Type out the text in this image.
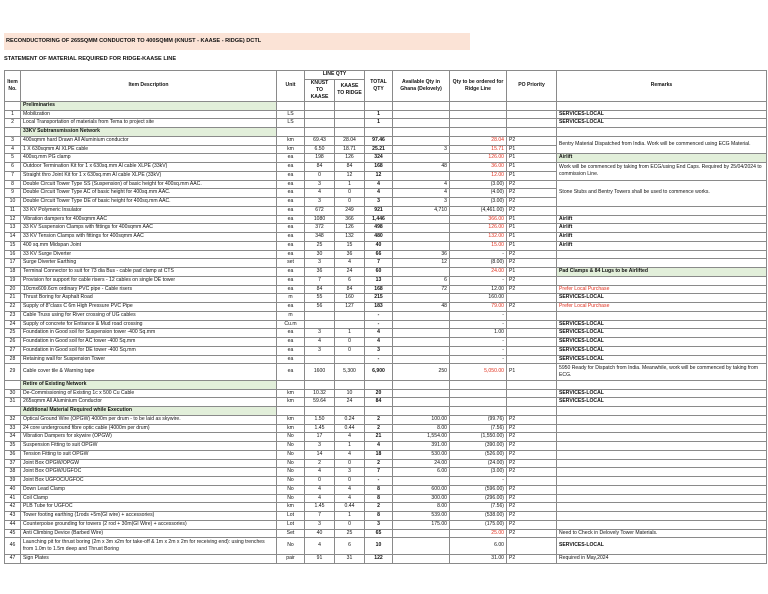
RECONDUCTORING OF 265SQMM CONDUCTOR TO 400SQMM (KNUST - KAASE - RIDGE) DCTL
STATEMENT OF MATERIAL REQUIRED FOR RIDGE-KAASE LINE
Item No.	Item Description	Unit	LINE QTY		TOTAL QTY	Available Qty in Ghana (Delovely)	Qty to be ordered for Ridge Line	PO Priority	Remarks
			KNUST TO KAASE	KAASE TO RIDGE					
	Preliminaries								
1	Mobilization	LS			1				SERVICES-LOCAL
2	Local Transportation of materials from Tema to project site	LS			1				SERVICES-LOCAL
	33KV Subtransmission Network								
3	400sqmm hard Drawn All Aluminium conductor	km	69.43	28.04	97.46		28.04	P2	Bentry Material Dispatched from India. Work will be commenced using ECG Material.
4	1 X 630sqmm Al XLPE cable	km	6.50	18.71	25.21	3	15.71	P1	
5	400sq.mm PG clamp	ea	198	126	324		126.00	P1	Airlift
6	Outdoor Termination Kit for 1 x 630sq.mm Al cable XLPE (33kV)	ea	84	84	168	48	36.00	P1	Work will be commenced by taking from ECG/using End Caps. Required by 25/04/2024 to commission Line.
7	Straight thro Joint Kit for 1 x 630sq.mm Al cable XLPE (33kV)	ea	0	12	12		12.00	P1	
8	Double Circuit Tower Type SS (Suspension) of basic height for 400sq.mm AAC.	ea	3	1	4	4	(3.00)	P2	Stone Stubs and Bentry Towers shall be used to commence works.
9	Double Circuit Tower Type AC of basic height for 400sq.mm AAC.	ea	4	0	4	4	(4.00)	P2	
10	Double Circuit Tower Type DE of basic height for 400sq.mm AAC.	ea	3	0	3	3	(3.00)	P2	
11	33 KV Polymeric Insulator	ea	672	249	921	4,710	(4,461.00)	P2	
12	Vibration dampers for 400sqmm AAC	ea	1080	366	1,446		366.00	P1	Airlift
13	33 KV Suspension Clamps with fittings for 400sqmm AAC	ea	372	126	498		126.00	P1	Airlift
14	33 KV Tension Clamps with fittings for 400sqmm AAC	ea	348	132	480		132.00	P1	Airlift
15	400 sq.mm Midspan Joint	ea	25	15	40		15.00	P1	Airlift
16	33 KV Surge Diverter	ea	30	36	66	36	-	P2	
17	Surge Diverter Earthing	set	3	4	7	12	(8.00)	P2	
18	Terminal Connector to suit for 73 dia Bus - cable pad clamp at CTS	ea	36	24	60		24.00	P1	Pad Clamps & 84 Lugs to be Airlifted
19	Provision for support for cable risers - 12 cables on single DE tower	ea	7	6	13	6	-	P2	
20	10cmx609.6cm ordinary PVC pipe - Cable risers	ea	84	84	168	72	12.00	P2	Prefer Local Purchase
21	Thrust Boring for Asphalt Road	m	55	160	215		160.00		SERVICES-LOCAL
22	Supply of 8"class C 6m High Pressure PVC Pipe	ea	56	127	183	48	79.00	P2	Prefer Local Purchase
23	Cable Truss using for River crossing of UG cables	m			-		-		
24	Supply of concrete for Entrance & Mud road crossing	Cu.m			-		-		SERVICES-LOCAL
25	Foundation in Good soil for Suspension tower -400 Sq.mm	ea	3	1	4		1.00		SERVICES-LOCAL
26	Foundation in Good soil for AC tower -400 Sq.mm	ea	4	0	4		-		SERVICES-LOCAL
27	Foundation in Good soil for DE tower -400 Sq.mm	ea	3	0	3		-		SERVICES-LOCAL
28	Retaining wall for Suspension Tower	ea			-		-		SERVICES-LOCAL
29	Cable cover tile & Warning tape	ea	1600	5,300	6,900	250	5,050.00	P1	5950 Ready for Dispatch from India. Meanwhile, work will be commenced by taking from ECG.
	Retire of Existing Network								
30	De-Commissioning of Existing 1c x 500 Cu Cable	km	10.32	10	20				SERVICES-LOCAL
31	265sqmm All Aluminium Conductor	km	59.64	24	84				SERVICES-LOCAL
	Additional Material Required while Execution								
32	Optical Ground Wire (OPGW) 4000m per drum - to be laid as skywire.	km	1.50	0.24	2	100.00	(99.76)	P2	
33	24 core underground fibre optic cable (4000m per drum)	km	1.45	0.44	2	8.00	(7.56)	P2	
34	Vibration Dampers for skywire (OPGW)	No	17	4	21	1,554.00	(1,550.00)	P2	
35	Suspension Fitting to suit OPGW	No	3	1	4	391.00	(390.00)	P2	
36	Tension Fitting to suit OPGW	No	14	4	18	530.00	(526.00)	P2	
37	Joint Box OPGW/OPGW	No	2	0	2	24.00	(24.00)	P2	
38	Joint Box OPGW/UGFOC	No	4	3	7	6.00	(3.00)	P2	
39	Joint Box UGFOC/UGFOC	No	0	0	-		-		
40	Down Lead Clamp	No	4	4	8	600.00	(596.00)	P2	
41	Coil Clamp	No	4	4	8	300.00	(296.00)	P2	
42	PLB Tube for UGFOC	km	1.45	0.44	2	8.00	(7.56)	P2	
43	Tower footing earthing (1rods +5m(GI wire) + accessories)	Lot	7	1	8	539.00	(538.00)	P2	
44	Counterpoise grounding for towers (2 rod + 30m(GI Wire) + accessories)	Lot	3	0	3	175.00	(175.00)	P2	
45	Anti Climbing Device (Barbed Wire)	Set	40	25	65		25.00	P2	Need to Check in Delovely Tower Materials.
46	Launching pit for thrust boring (2m x 3m x2m for take-off & 1m x 2m x 2m for receiving end): using trenches from 1.0m to 1.5m deep and Thrust Boring	No	4	6	10		6.00		SERVICES-LOCAL
47	Sign Plates	pair	91	31	122		31.00	P2	Required in May,2024
